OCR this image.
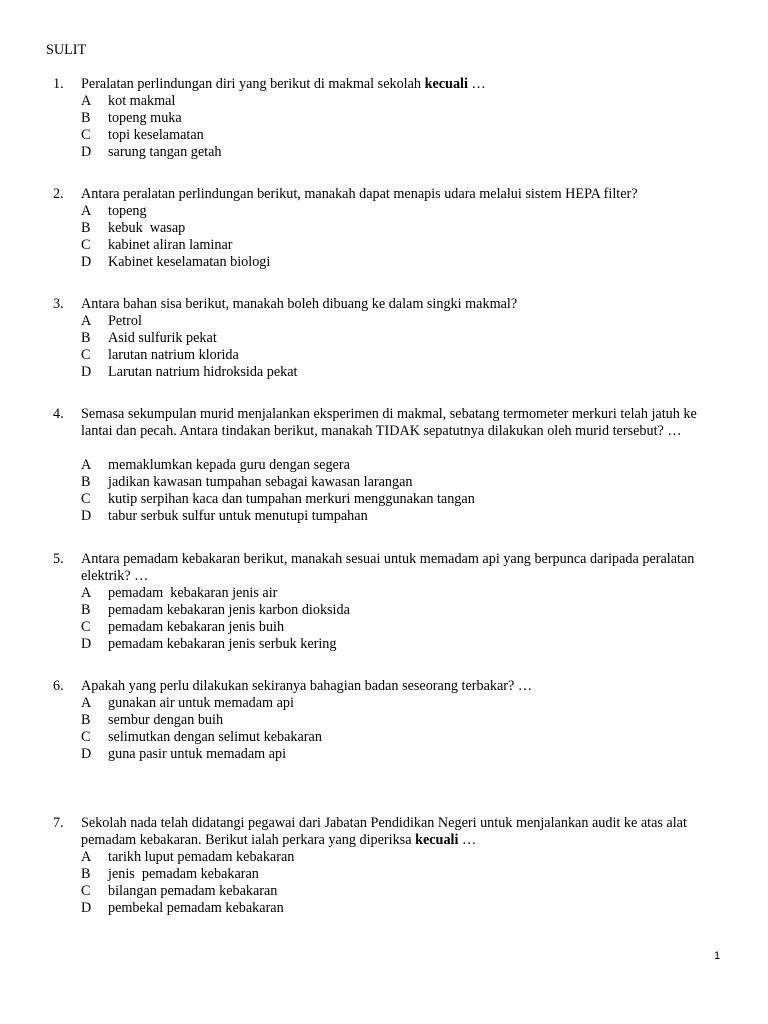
SULIT
1. Peralatan perlindungan diri yang berikut di makmal sekolah kecuali …
A kot makmal
B topeng muka
C topi keselamatan
D sarung tangan getah
2. Antara peralatan perlindungan berikut, manakah dapat menapis udara melalui sistem HEPA filter?
A topeng
B kebuk  wasap
C kabinet aliran laminar
D Kabinet keselamatan biologi
3. Antara bahan sisa berikut, manakah boleh dibuang ke dalam singki makmal?
A Petrol
B Asid sulfurik pekat
C larutan natrium klorida
D Larutan natrium hidroksida pekat
4. Semasa sekumpulan murid menjalankan eksperimen di makmal, sebatang termometer merkuri telah jatuh ke lantai dan pecah. Antara tindakan berikut, manakah TIDAK sepatutnya dilakukan oleh murid tersebut? …
A memaklumkan kepada guru dengan segera
B jadikan kawasan tumpahan sebagai kawasan larangan
C kutip serpihan kaca dan tumpahan merkuri menggunakan tangan
D tabur serbuk sulfur untuk menutupi tumpahan
5. Antara pemadam kebakaran berikut, manakah sesuai untuk memadam api yang berpunca daripada peralatan elektrik? …
A pemadam  kebakaran jenis air
B pemadam kebakaran jenis karbon dioksida
C pemadam kebakaran jenis buih
D pemadam kebakaran jenis serbuk kering
6. Apakah yang perlu dilakukan sekiranya bahagian badan seseorang terbakar? …
A gunakan air untuk memadam api
B sembur dengan buih
C selimutkan dengan selimut kebakaran
D guna pasir untuk memadam api
7. Sekolah nada telah didatangi pegawai dari Jabatan Pendidikan Negeri untuk menjalankan audit ke atas alat pemadam kebakaran. Berikut ialah perkara yang diperiksa kecuali …
A tarikh luput pemadam kebakaran
B jenis  pemadam kebakaran
C bilangan pemadam kebakaran
D pembekal pemadam kebakaran
1
